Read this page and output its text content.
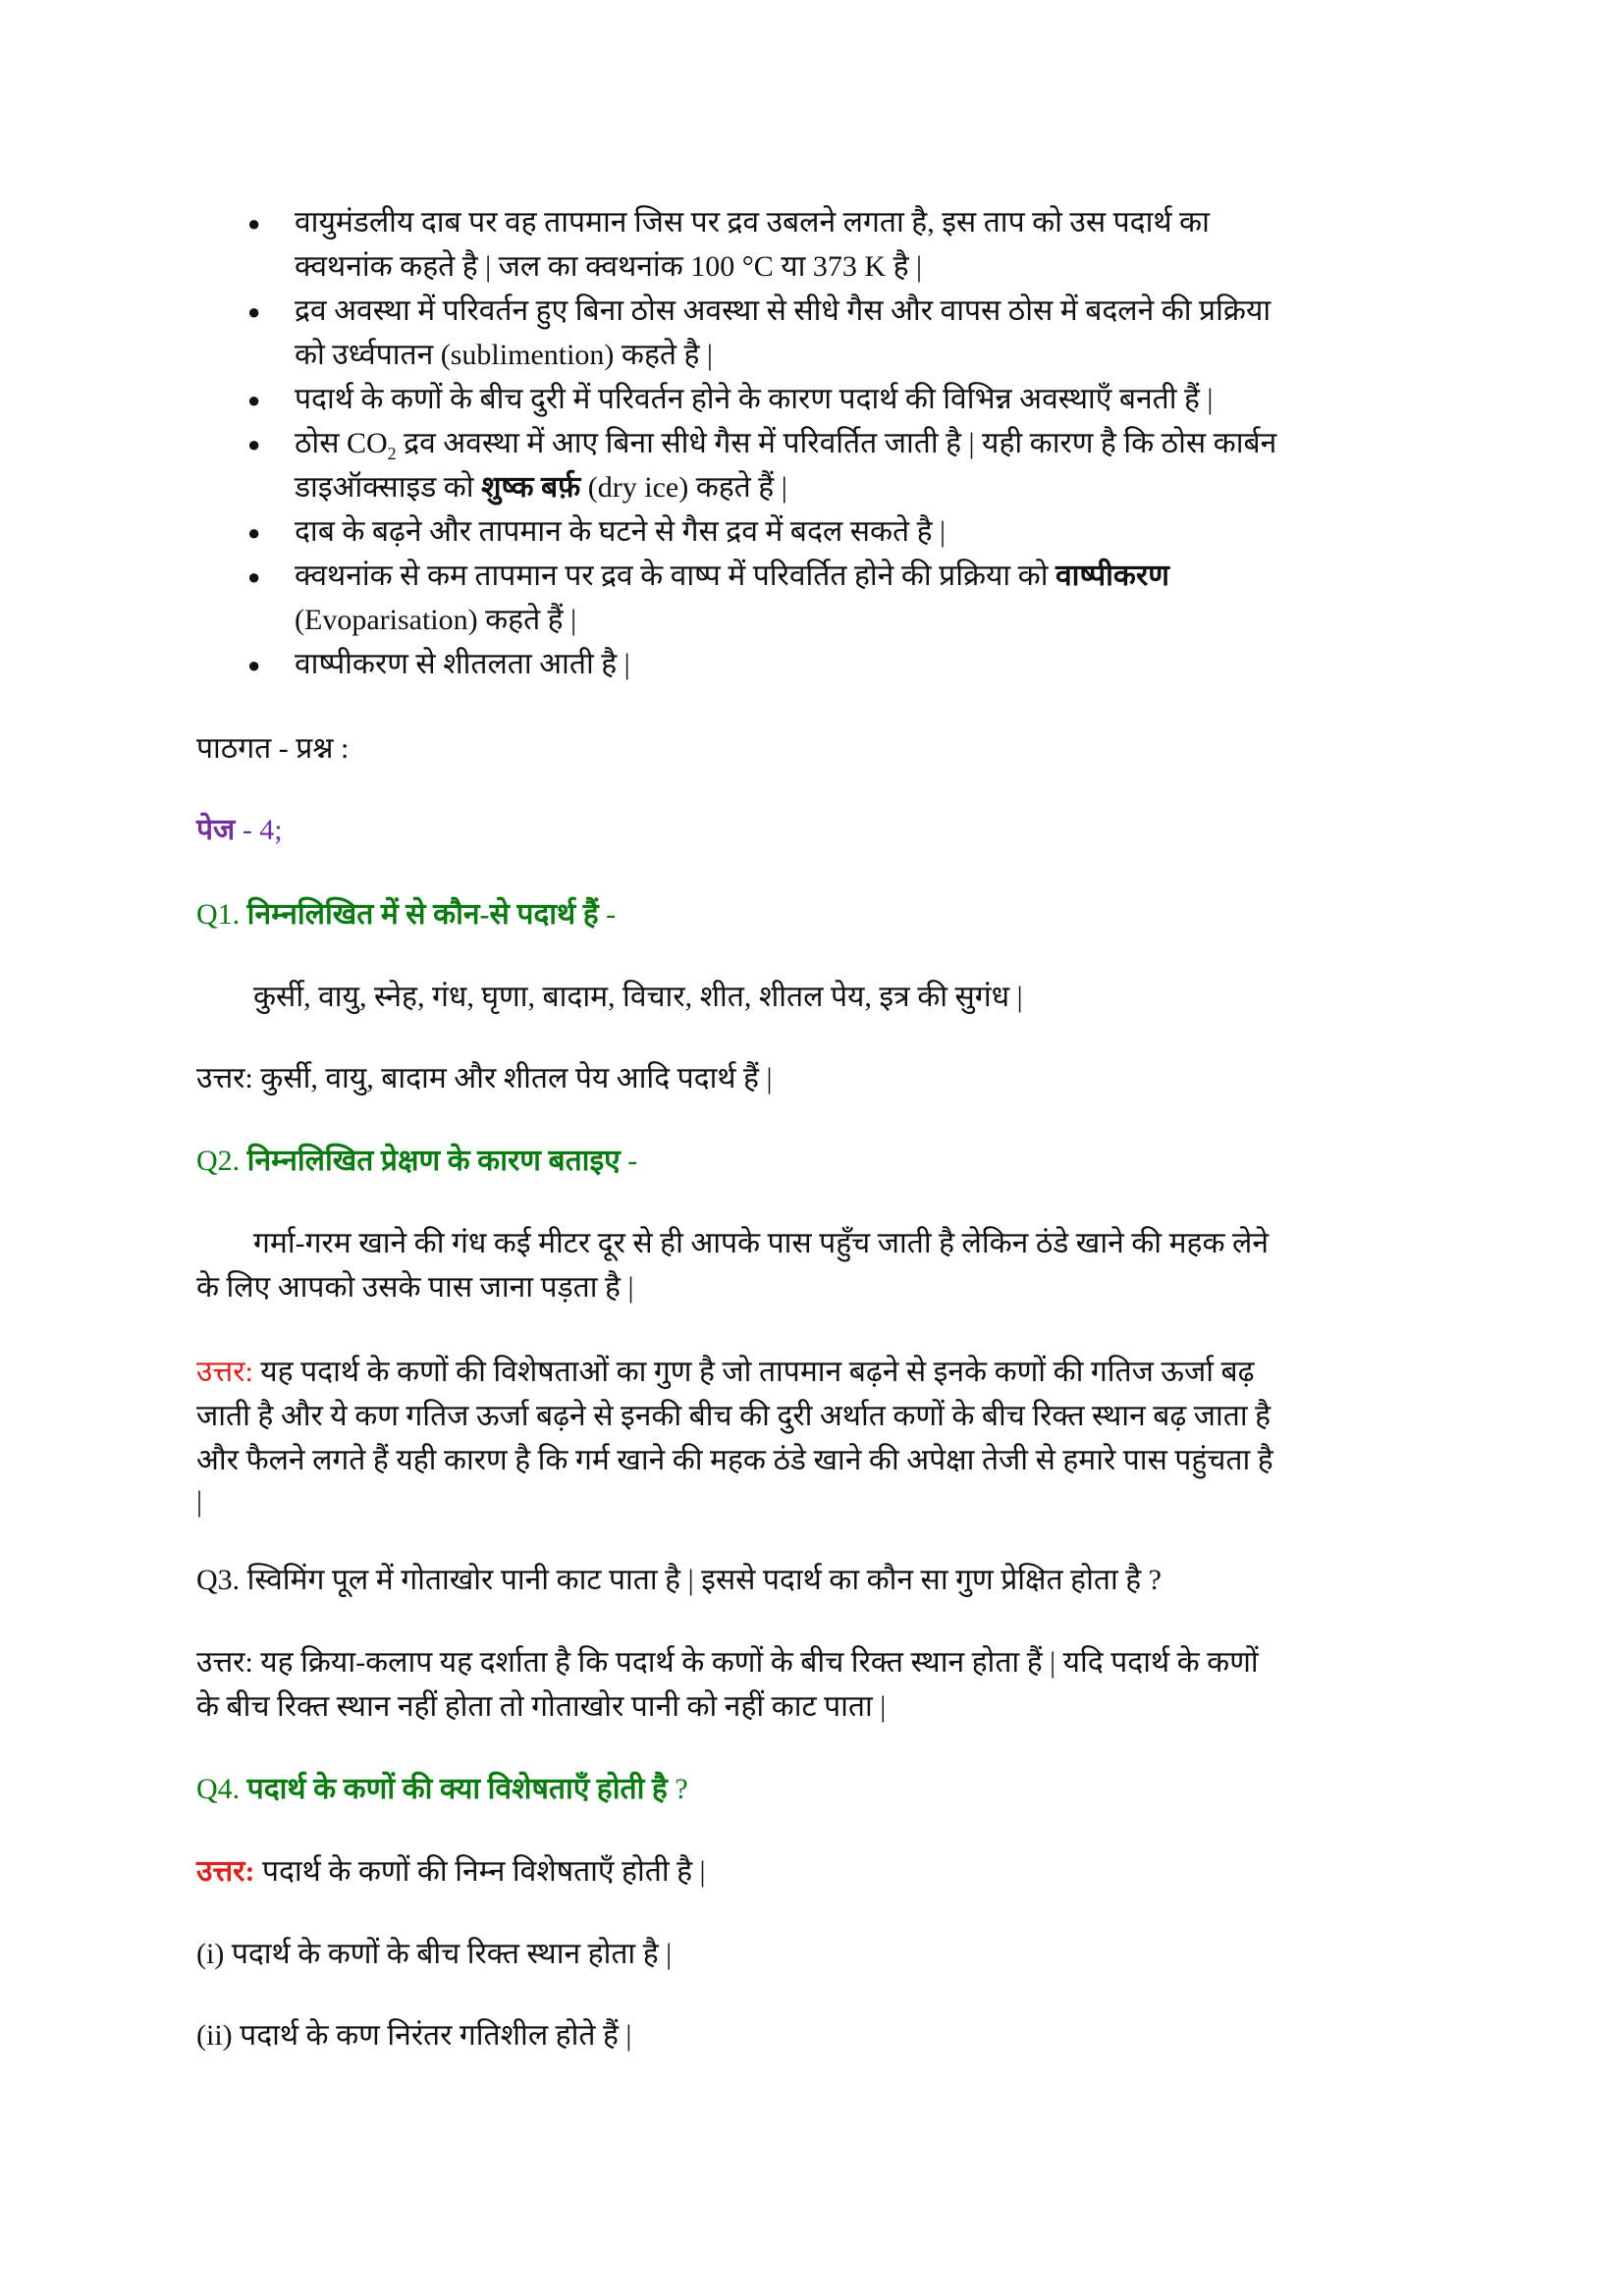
● वायुमंडलीय दाब पर वह तापमान जिस पर द्रव उबलने लगता है, इस ताप को उस पदार्थ का
क्वथनांक कहते है | जल का क्वथनांक 100 °C या 373 K है |
● द्रव अवस्था में परिवर्तन हुए बिना ठोस अवस्था से सीधे गैस और वापस ठोस में बदलने की प्रक्रिया
को उर्ध्वपातन (sublimention) कहते है |
● पदार्थ के कणों के बीच दुरी में परिवर्तन होने के कारण पदार्थ की विभिन्न अवस्थाएँ बनती हैं |
● ठोस $CO_2$ द्रव अवस्था में आए बिना सीधे गैस में परिवर्तित जाती है | यही कारण है कि ठोस कार्बन
डाइऑक्साइड को शुष्क बर्फ़ (dry ice) कहते हैं |
● दाब के बढ़ने और तापमान के घटने से गैस द्रव में बदल सकते है |
● क्वथनांक से कम तापमान पर द्रव के वाष्प में परिवर्तित होने की प्रक्रिया को वाष्पीकरण
(Evoparisation) कहते हैं |
● वाष्पीकरण से शीतलता आती है |
पाठगत - प्रश्न :
पेज - 4;
Q1. निम्नलिखित में से कौन-से पदार्थ हैं -
कुर्सी, वायु, स्नेह, गंध, घृणा, बादाम, विचार, शीत, शीतल पेय, इत्र की सुगंध |
उत्तर: कुर्सी, वायु, बादाम और शीतल पेय आदि पदार्थ हैं |
Q2. निम्नलिखित प्रेक्षण के कारण बताइए -
गर्मा-गरम खाने की गंध कई मीटर दूर से ही आपके पास पहुँच जाती है लेकिन ठंडे खाने की महक लेने
के लिए आपको उसके पास जाना पड़ता है |
उत्तर: यह पदार्थ के कणों की विशेषताओं का गुण है जो तापमान बढ़ने से इनके कणों की गतिज ऊर्जा बढ़
जाती है और ये कण गतिज ऊर्जा बढ़ने से इनकी बीच की दुरी अर्थात कणों के बीच रिक्त स्थान बढ़ जाता है
और फैलने लगते हैं यही कारण है कि गर्म खाने की महक ठंडे खाने की अपेक्षा तेजी से हमारे पास पहुंचता है
|
Q3. स्विमिंग पूल में गोताखोर पानी काट पाता है | इससे पदार्थ का कौन सा गुण प्रेक्षित होता है ?
उत्तर: यह क्रिया-कलाप यह दर्शाता है कि पदार्थ के कणों के बीच रिक्त स्थान होता हैं | यदि पदार्थ के कणों
के बीच रिक्त स्थान नहीं होता तो गोताखोर पानी को नहीं काट पाता |
Q4. पदार्थ के कणों की क्या विशेषताएँ होती है ?
उत्तर: पदार्थ के कणों की निम्न विशेषताएँ होती है |
(i) पदार्थ के कणों के बीच रिक्त स्थान होता है |
(ii) पदार्थ के कण निरंतर गतिशील होते हैं |
